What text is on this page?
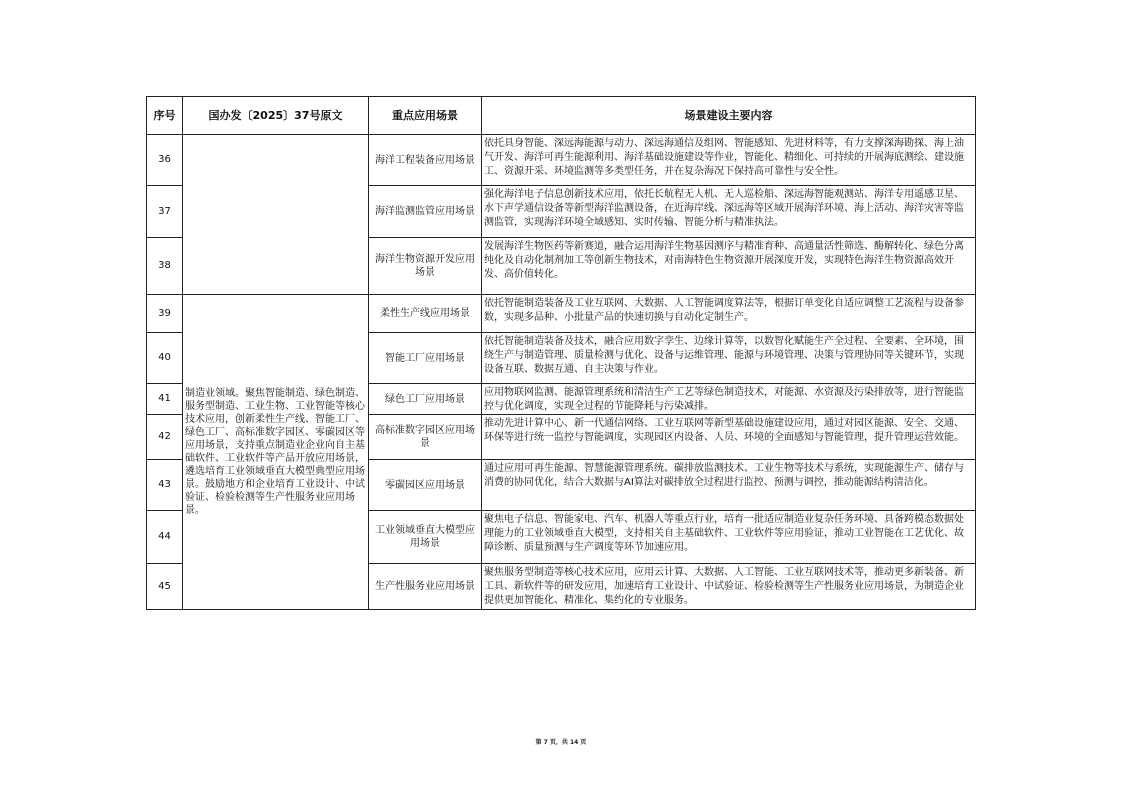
序号	国办发〔2025〕37号原文	重点应用场景	场景建设主要内容
36		海洋工程装备应用场景	依托具身智能、深远海能源与动力、深远海通信及组网、智能感知、先进材料等，有力支撑深海勘探、海上油气开发、海洋可再生能源利用、海洋基础设施建设等作业，智能化、精细化、可持续的开展海底测绘、建设施工、资源开采、环境监测等多类型任务，并在复杂海况下保持高可靠性与安全性。
37		海洋监测监管应用场景	强化海洋电子信息创新技术应用，依托长航程无人机、无人巡检船、深远海智能观测站、海洋专用遥感卫星、水下声学通信设备等新型海洋监测设备，在近海岸线、深远海等区域开展海洋环境、海上活动、海洋灾害等监测监管，实现海洋环境全域感知、实时传输、智能分析与精准执法。
38		海洋生物资源开发应用场景	发展海洋生物医药等新赛道，融合运用海洋生物基因测序与精准育种、高通量活性筛选、酶解转化、绿色分离纯化及自动化制剂加工等创新生物技术，对南海特色生物资源开展深度开发，实现特色海洋生物资源高效开发、高价值转化。
39	制造业领域。聚焦智能制造、绿色制造、服务型制造、工业生物、工业智能等核心技术应用，创新柔性生产线、智能工厂、绿色工厂、高标准数字园区、零碳园区等应用场景，支持重点制造业企业向自主基础软件、工业软件等产品开放应用场景，遴选培育工业领域垂直大模型典型应用场景。鼓励地方和企业培育工业设计、中试验证、检验检测等生产性服务业应用场景。	柔性生产线应用场景	依托智能制造装备及工业互联网、大数据、人工智能调度算法等，根据订单变化自适应调整工艺流程与设备参数，实现多品种、小批量产品的快速切换与自动化定制生产。
40		智能工厂应用场景	依托智能制造装备及技术，融合应用数字孪生、边缘计算等，以数智化赋能生产全过程、全要素、全环境，围绕生产与制造管理、质量检测与优化、设备与运维管理、能源与环境管理、决策与管理协同等关键环节，实现设备互联、数据互通、自主决策与作业。
41		绿色工厂应用场景	应用物联网监测、能源管理系统和清洁生产工艺等绿色制造技术，对能源、水资源及污染排放等，进行智能监控与优化调度，实现全过程的节能降耗与污染减排。
42		高标准数字园区应用场景	推动先进计算中心、新一代通信网络、工业互联网等新型基础设施建设应用，通过对园区能源、安全、交通、环保等进行统一监控与智能调度，实现园区内设备、人员、环境的全面感知与智能管理，提升管理运营效能。
43		零碳园区应用场景	通过应用可再生能源、智慧能源管理系统、碳排放监测技术、工业生物等技术与系统，实现能源生产、储存与消费的协同优化，结合大数据与AI算法对碳排放全过程进行监控、预测与调控，推动能源结构清洁化。
44		工业领域垂直大模型应用场景	聚焦电子信息、智能家电、汽车、机器人等重点行业，培育一批适应制造业复杂任务环境、具备跨模态数据处理能力的工业领域垂直大模型，支持相关自主基础软件、工业软件等应用验证，推动工业智能在工艺优化、故障诊断、质量预测与生产调度等环节加速应用。
45		生产性服务业应用场景	聚焦服务型制造等核心技术应用，应用云计算、大数据、人工智能、工业互联网技术等，推动更多新装备、新工具、新软件等的研发应用，加速培育工业设计、中试验证、检验检测等生产性服务业应用场景，为制造企业提供更加智能化、精准化、集约化的专业服务。
第 7 页，共 14 页
